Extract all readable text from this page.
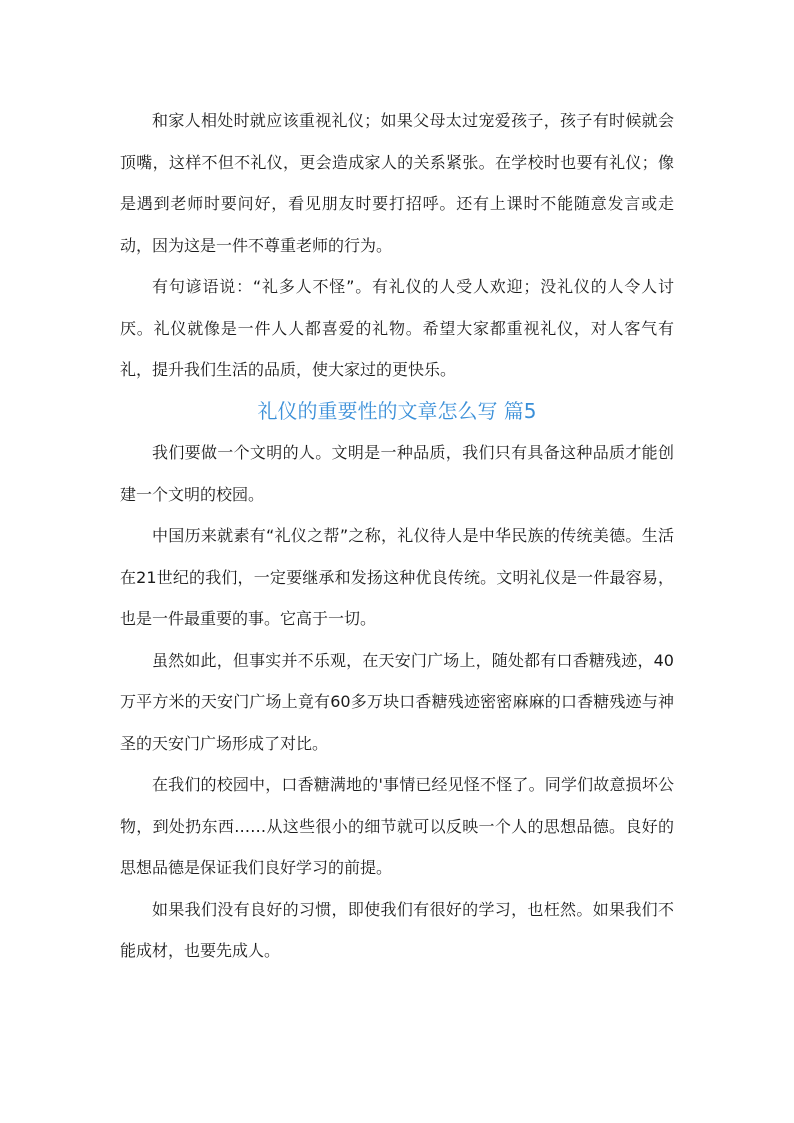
和家人相处时就应该重视礼仪；如果父母太过宠爱孩子，孩子有时候就会顶嘴，这样不但不礼仪，更会造成家人的关系紧张。在学校时也要有礼仪；像是遇到老师时要问好，看见朋友时要打招呼。还有上课时不能随意发言或走动，因为这是一件不尊重老师的行为。

有句谚语说：“礼多人不怪”。有礼仪的人受人欢迎；没礼仪的人令人讨厌。礼仪就像是一件人人都喜爱的礼物。希望大家都重视礼仪，对人客气有礼，提升我们生活的品质，使大家过的更快乐。

礼仪的重要性的文章怎么写 篇5

我们要做一个文明的人。文明是一种品质，我们只有具备这种品质才能创建一个文明的校园。

中国历来就素有“礼仪之帮”之称，礼仪待人是中华民族的传统美德。生活在21世纪的我们，一定要继承和发扬这种优良传统。文明礼仪是一件最容易，也是一件最重要的事。它高于一切。

虽然如此，但事实并不乐观，在天安门广场上，随处都有口香糖残迹，40万平方米的天安门广场上竟有60多万块口香糖残迹密密麻麻的口香糖残迹与神圣的天安门广场形成了对比。

在我们的校园中，口香糖满地的'事情已经见怪不怪了。同学们故意损坏公物，到处扔东西……从这些很小的细节就可以反映一个人的思想品德。良好的思想品德是保证我们良好学习的前提。

如果我们没有良好的习惯，即使我们有很好的学习，也枉然。如果我们不能成材，也要先成人。
